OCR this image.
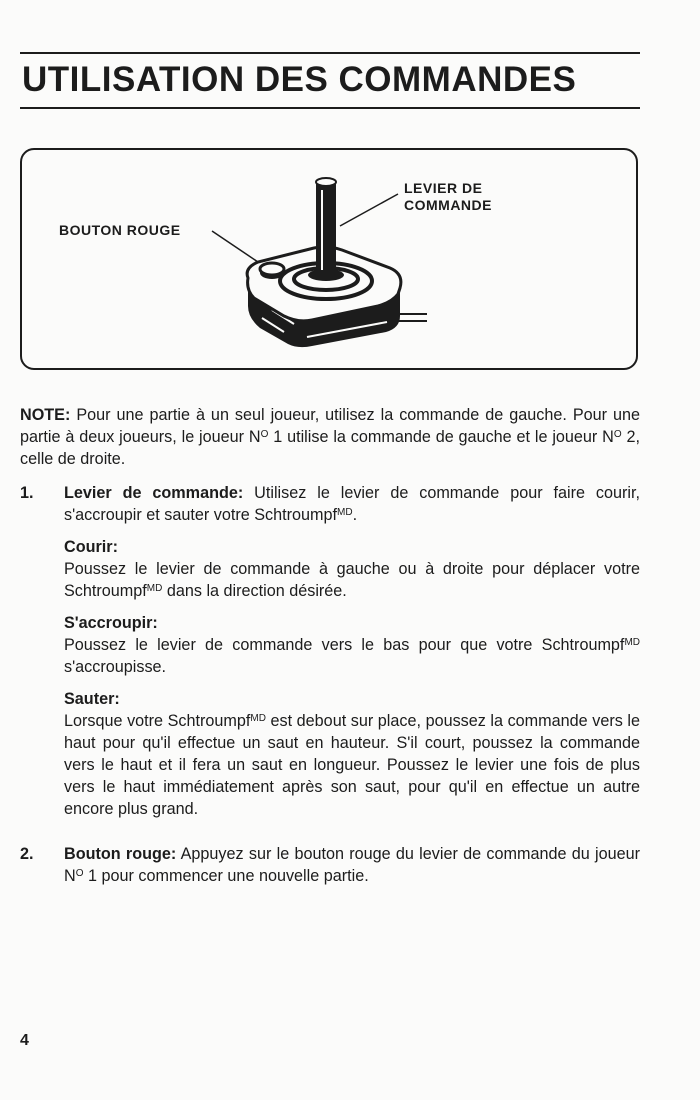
UTILISATION DES COMMANDES
BOUTON ROUGE
LEVIER DE
COMMANDE

NOTE: Pour une partie à un seul joueur, utilisez la commande de gauche. Pour une partie à deux joueurs, le joueur $N^O$ 1 utilise la commande de gauche et le joueur $N^O$ 2, celle de droite.

1. Levier de commande: Utilisez le levier de commande pour faire courir, s'accroupir et sauter votre Schtroumpf$^{MD}$.

Courir:

Poussez le levier de commande à gauche ou à droite pour déplacer votre Schtroumpf$^{MD}$ dans la direction désirée.

S'accroupir:

Poussez le levier de commande vers le bas pour que votre Schtroumpf$^{MD}$ s'accroupisse.

Sauter:

Lorsque votre Schtroumpf$^{MD}$ est debout sur place, poussez la commande vers le haut pour qu'il effectue un saut en hauteur. S'il court, poussez la commande vers le haut et il fera un saut en longueur. Poussez le levier une fois de plus vers le haut immédiatement après son saut, pour qu'il en effectue un autre encore plus grand.

2. Bouton rouge: Appuyez sur le bouton rouge du levier de commande du joueur $N^O$ 1 pour commencer une nouvelle partie.

4
